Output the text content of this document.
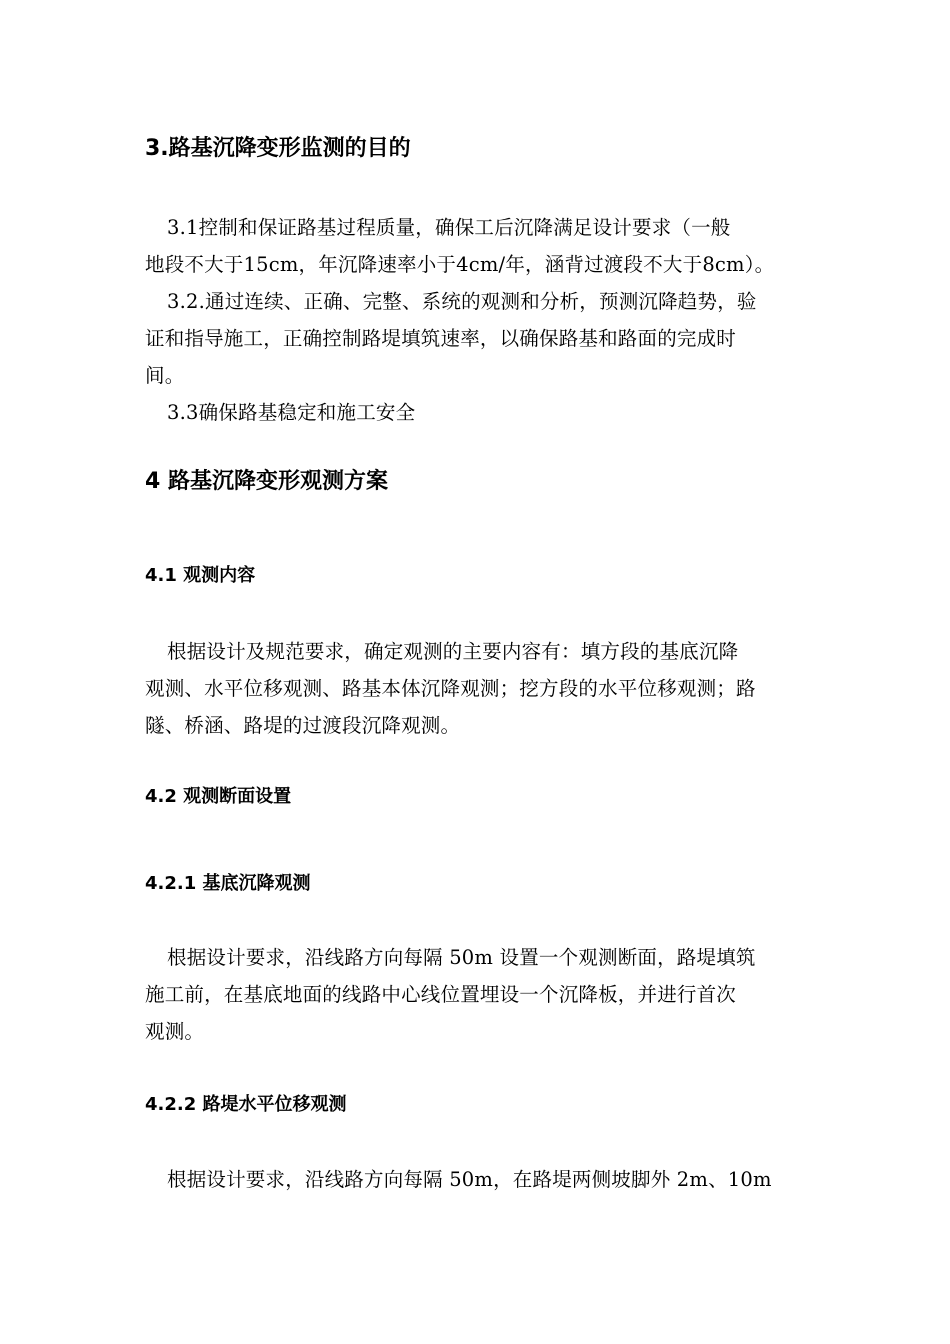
3.路基沉降变形监测的目的
3.1控制和保证路基过程质量，确保工后沉降满足设计要求（一般
地段不大于15cm，年沉降速率小于4cm/年，涵背过渡段不大于8cm）。
3.2.通过连续、正确、完整、系统的观测和分析，预测沉降趋势，验
证和指导施工，正确控制路堤填筑速率，以确保路基和路面的完成时
间。
3.3确保路基稳定和施工安全
4 路基沉降变形观测方案
4.1 观测内容
根据设计及规范要求，确定观测的主要内容有：填方段的基底沉降
观测、水平位移观测、路基本体沉降观测；挖方段的水平位移观测；路
隧、桥涵、路堤的过渡段沉降观测。
4.2 观测断面设置
4.2.1 基底沉降观测
根据设计要求，沿线路方向每隔 50m 设置一个观测断面，路堤填筑
施工前，在基底地面的线路中心线位置埋设一个沉降板，并进行首次
观测。
4.2.2 路堤水平位移观测
根据设计要求，沿线路方向每隔 50m，在路堤两侧坡脚外 2m、10m
